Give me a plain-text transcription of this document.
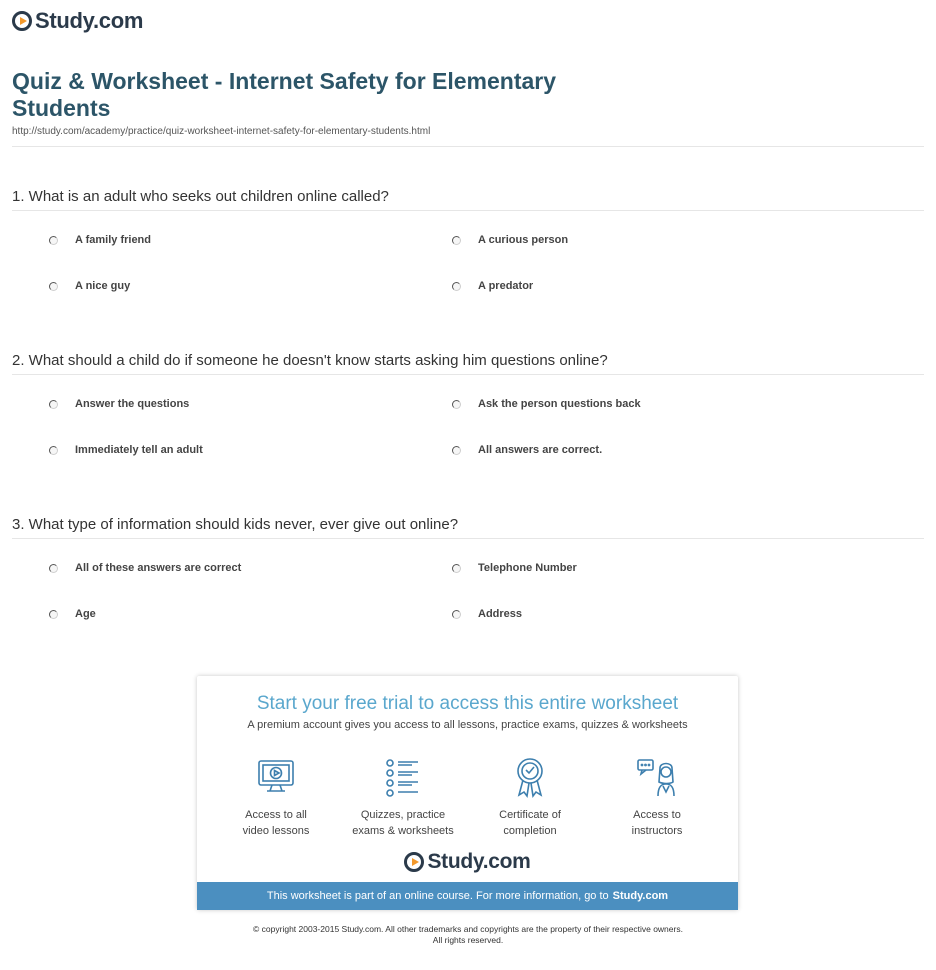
Study.com
Quiz & Worksheet - Internet Safety for Elementary Students
http://study.com/academy/practice/quiz-worksheet-internet-safety-for-elementary-students.html
1. What is an adult who seeks out children online called?
A family friend	A curious person
A nice guy	A predator
2. What should a child do if someone he doesn't know starts asking him questions online?
Answer the questions	Ask the person questions back
Immediately tell an adult	All answers are correct.
3. What type of information should kids never, ever give out online?
All of these answers are correct	Telephone Number
Age	Address
Start your free trial to access this entire worksheet
A premium account gives you access to all lessons, practice exams, quizzes & worksheets
Access to all
video lessons
Quizzes, practice
exams & worksheets
Certificate of
completion
Access to
instructors
Study.com
This worksheet is part of an online course. For more information, go to Study.com
© copyright 2003-2015 Study.com. All other trademarks and copyrights are the property of their respective owners.
All rights reserved.
